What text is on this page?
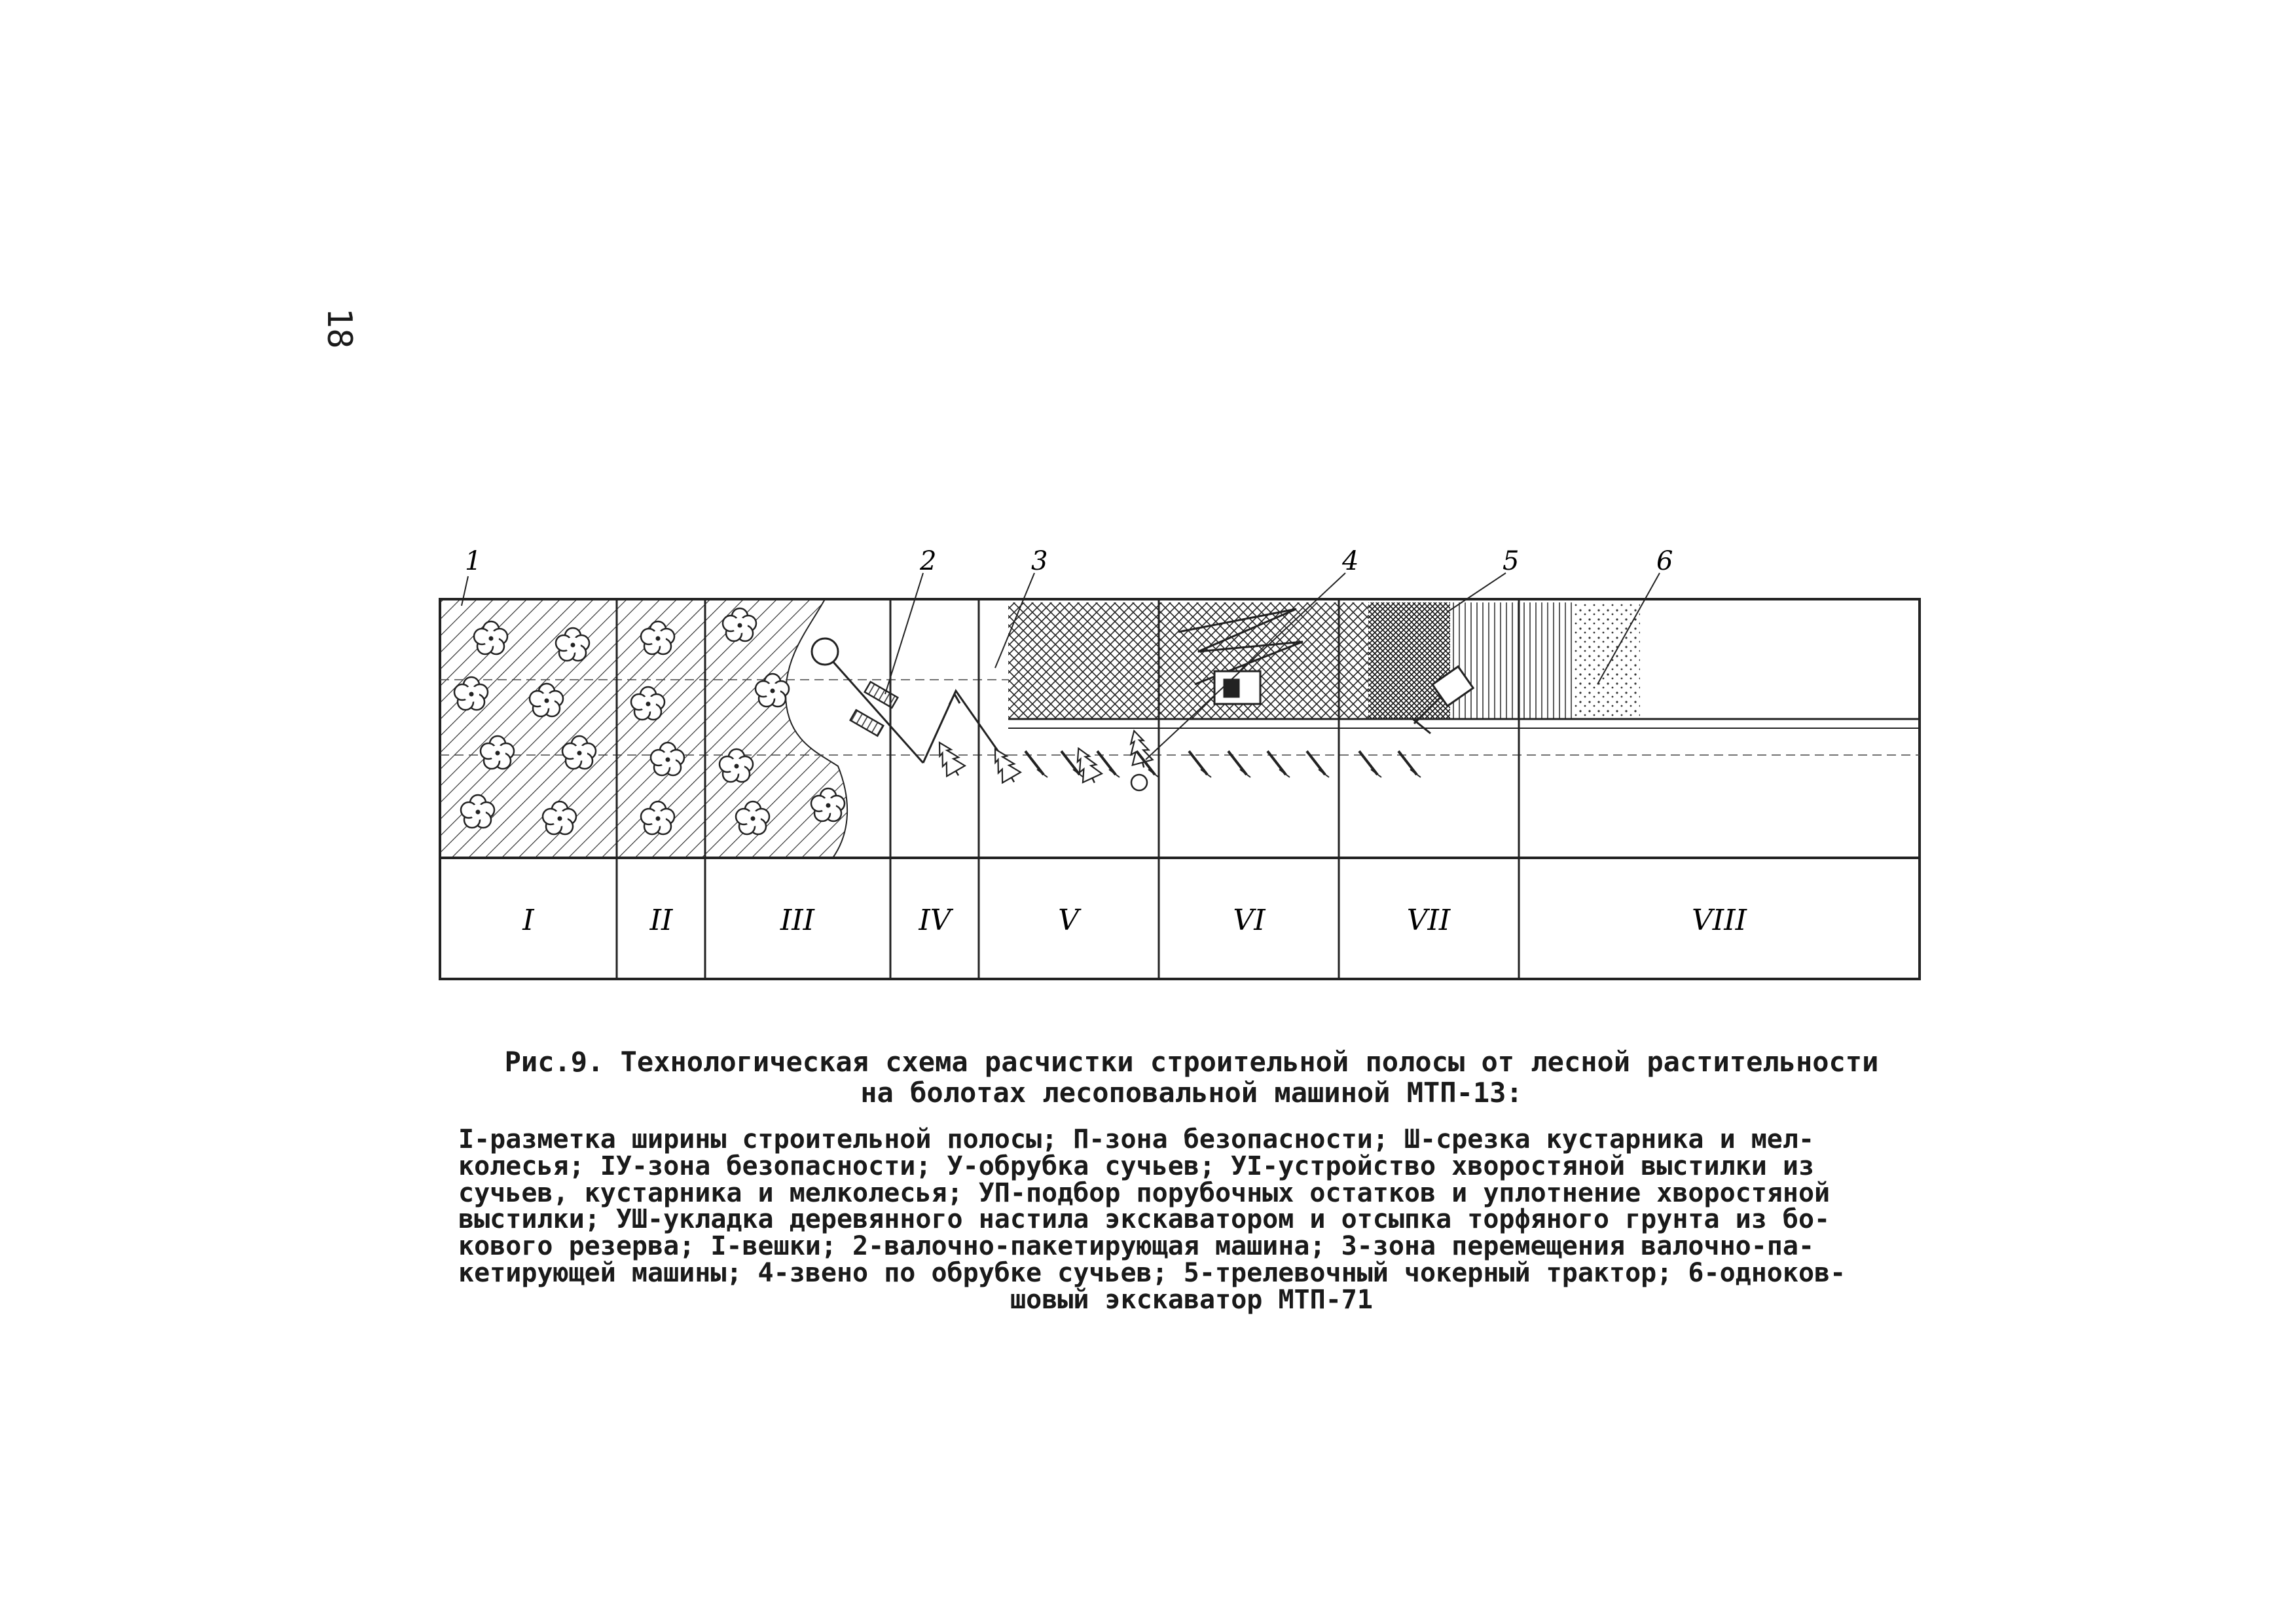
18
1	2	3	4	5	6
I	II	III	IV	V	VI	VII	VIII

Рис.9. Технологическая схема расчистки строительной полосы от лесной растительности
на болотах лесоповальной машиной МТП-13:

I-разметка ширины строительной полосы; П-зона безопасности; Ш-срезка кустарника и мел-
колесья; IУ-зона безопасности; У-обрубка сучьев; УI-устройство хворостяной выстилки из
сучьев, кустарника и мелколесья; УП-подбор порубочных остатков и уплотнение хворостяной
выстилки; УШ-укладка деревянного настила экскаватором и отсыпка торфяного грунта из бо-
кового резерва; I-вешки; 2-валочно-пакетирующая машина; 3-зона перемещения валочно-па-
кетирующей машины; 4-звено по обрубке сучьев; 5-трелевочный чокерный трактор; 6-одноков-
шовый экскаватор МТП-71
